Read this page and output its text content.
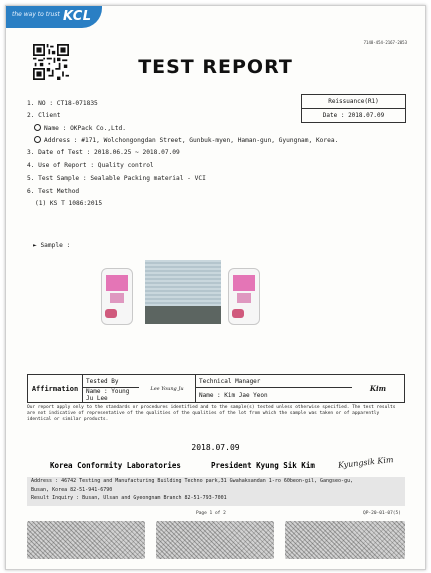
the way to trust KCL
7148-454-2167-2053
TEST REPORT
Reissuance(R1)
Date : 2018.07.09
1. NO : CT18-071835
2. Client
Name : OKPack Co.,Ltd.
Address : #171, Wolchongongdan Street, Gunbuk-myen, Haman-gun, Gyungnam, Korea.
3. Date of Test : 2018.06.25 ~ 2018.07.09
4. Use of Report : Quality control
5. Test Sample : Sealable Packing material - VCI
6. Test Method
(1) KS T 1086:2015
► Sample :
Affirmation	Tested By	Lee Young Ju	Technical Manager	Kim
	Name : Young Ju Lee		Name : Kim Jae Yeon	
Our report apply only to the standards or procedures identified and to the sample(s) tested unless otherwise specified. The test results are not indicative of representative of the qualities of the qualities of the lot from which the sample was taken or of apparently identical or similar products.
2018.07.09
Korea Conformity Laboratories	President Kyung Sik Kim	Kyungsik Kim
Address : 46742 Testing and Manufacturing Building Techno park,31 Gwahaksandan 1-ro 60beon-gil, Gangseo-gu,
Busan, Korea 82-51-941-6790
Result Inquiry : Busan, Ulsan and Gyeongnam Branch 82-51-793-7001
Page 1 of 2	QP-20-01-07(5)
